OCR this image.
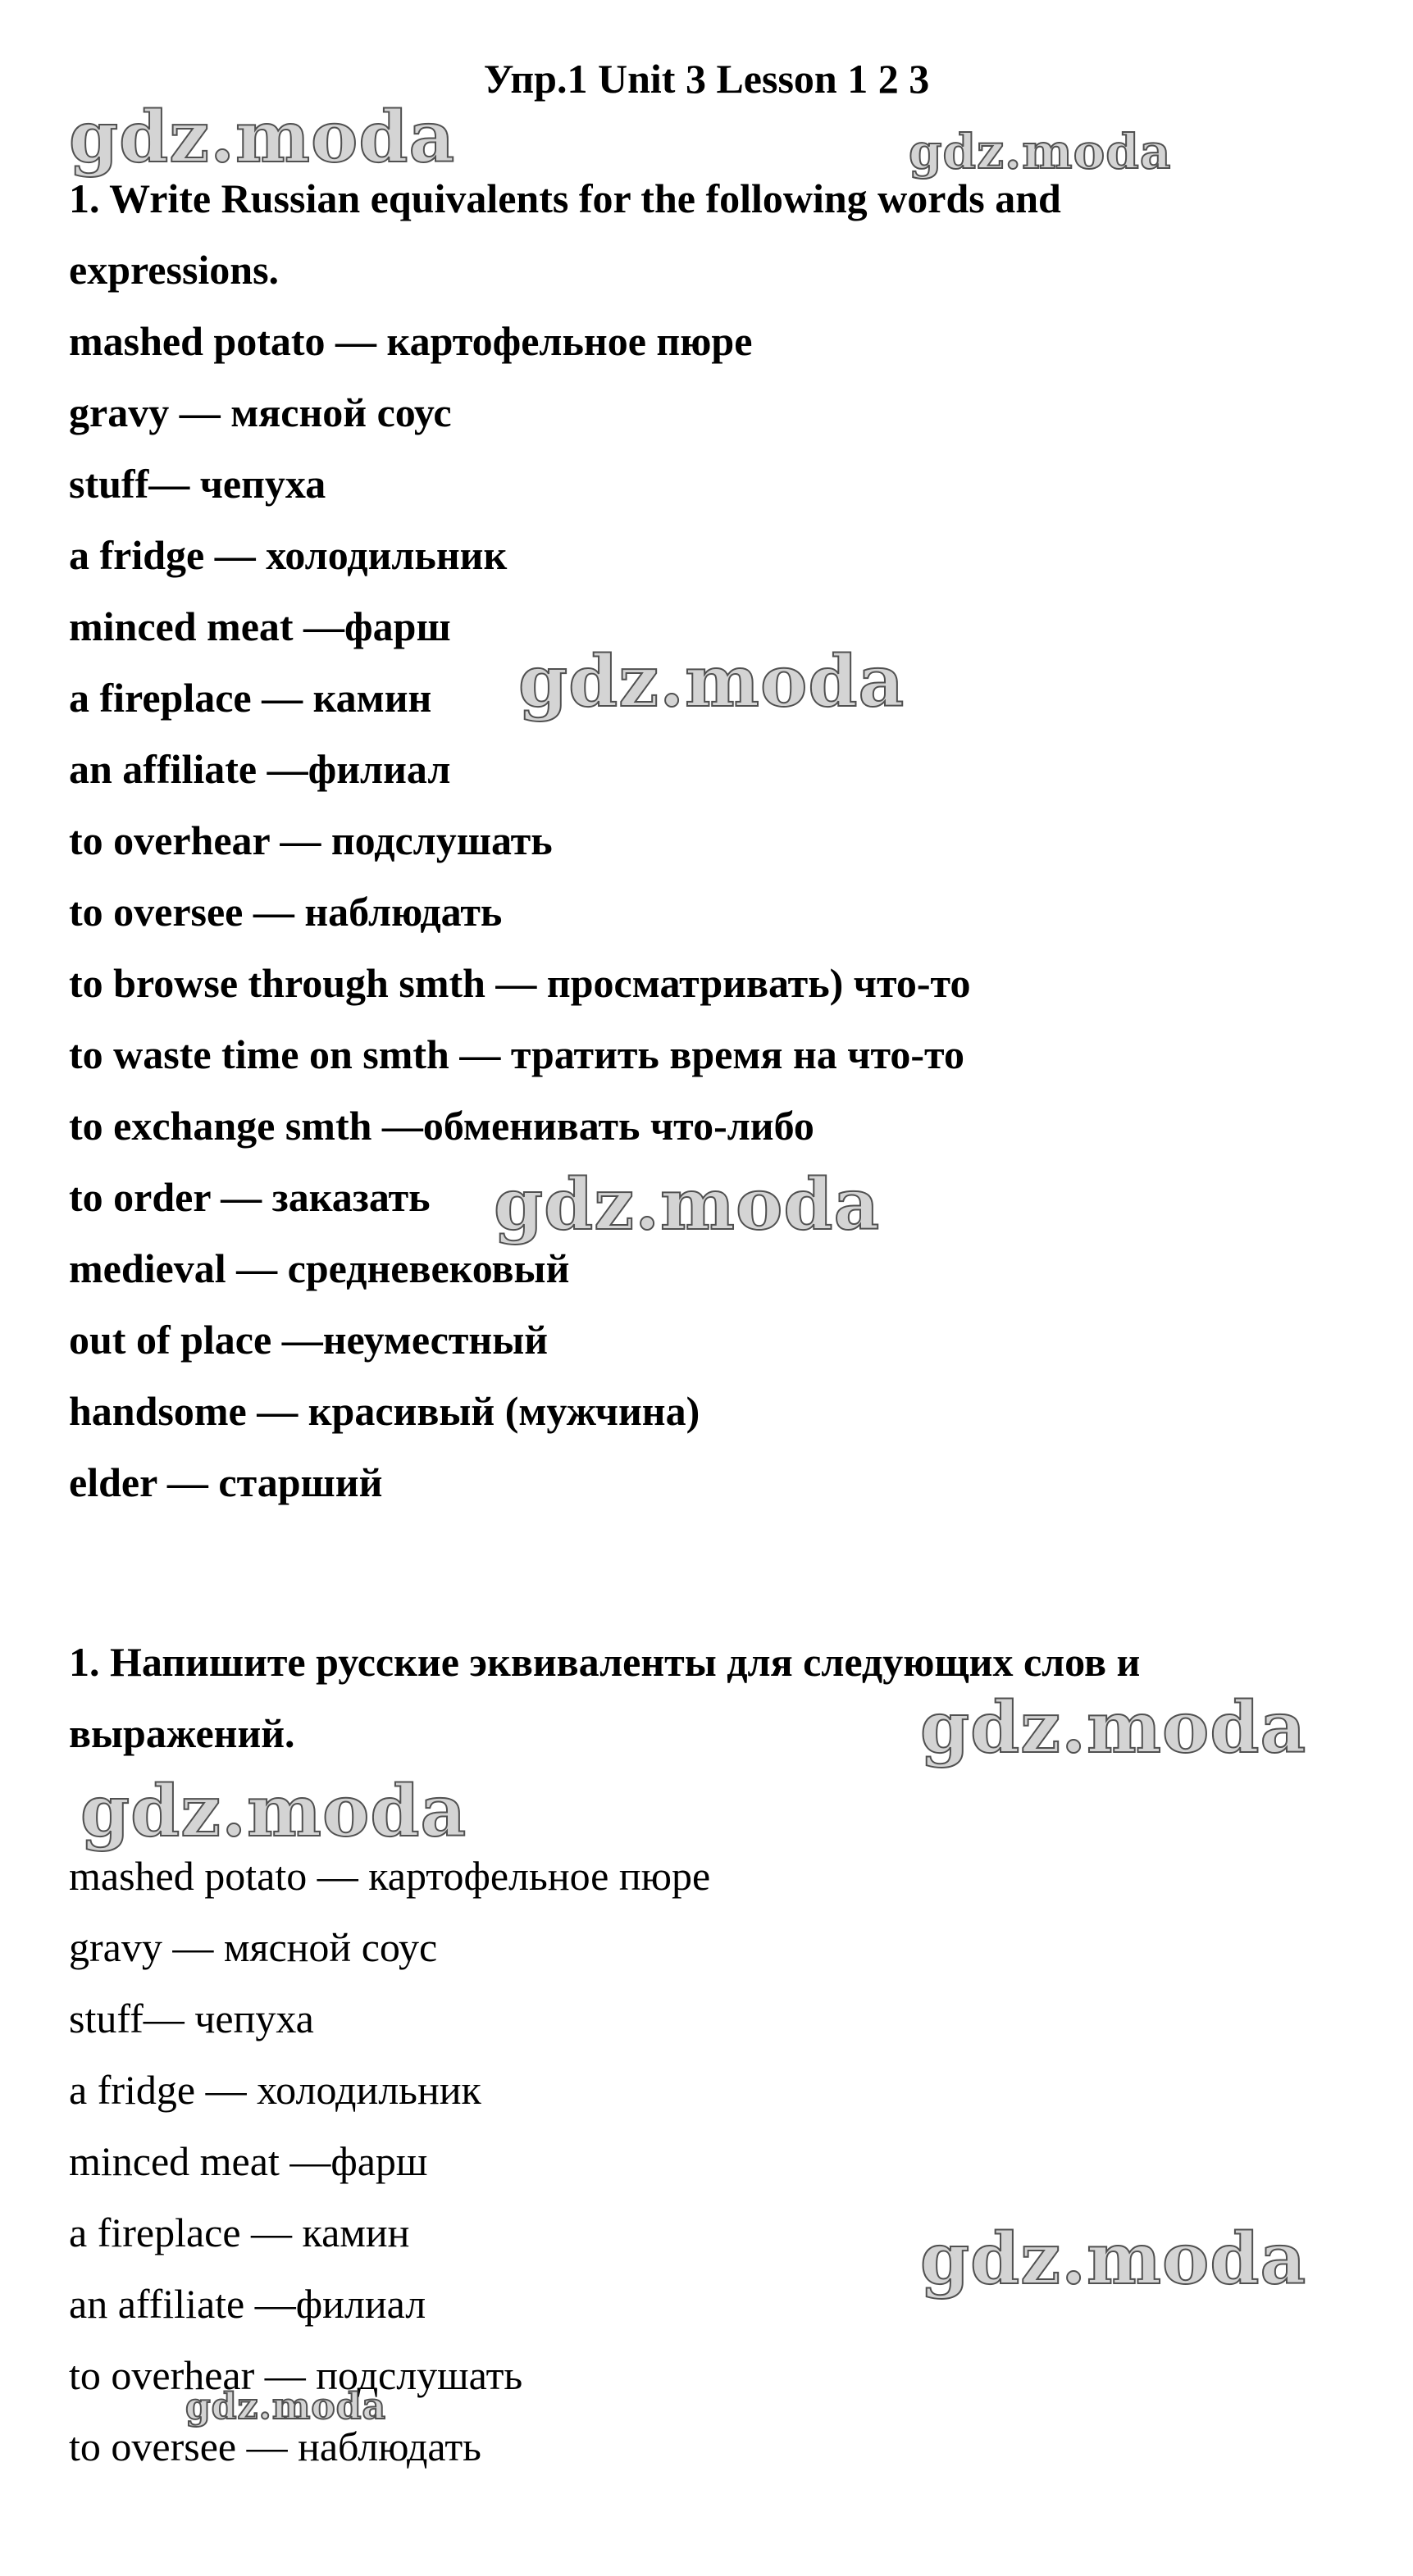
Упр.1 Unit 3 Lesson 1 2 3
1. Write Russian equivalents for the following words and
expressions.
mashed potato — картофельное пюре
gravy — мясной соус
stuff— чепуха
a fridge — холодильник
minced meat —фарш
a fireplace — камин
an affiliate —филиал
to overhear — подслушать
to oversee — наблюдать
to browse through smth — просматривать) что-то
to waste time on smth — тратить время на что-то
to exchange smth —обменивать что-либо
to order — заказать
medieval — средневековый
out of place —неуместный
handsome — красивый (мужчина)
elder — старший
1. Напишите русские эквиваленты для следующих слов и
выражений.
mashed potato — картофельное пюре
gravy — мясной соус
stuff— чепуха
a fridge — холодильник
minced meat —фарш
a fireplace — камин
an affiliate —филиал
to overhear — подслушать
to oversee — наблюдать
gdz.moda	gdz.moda
gdz.moda
gdz.moda
gdz.moda
gdz.moda
gdz.moda
gdz.moda
